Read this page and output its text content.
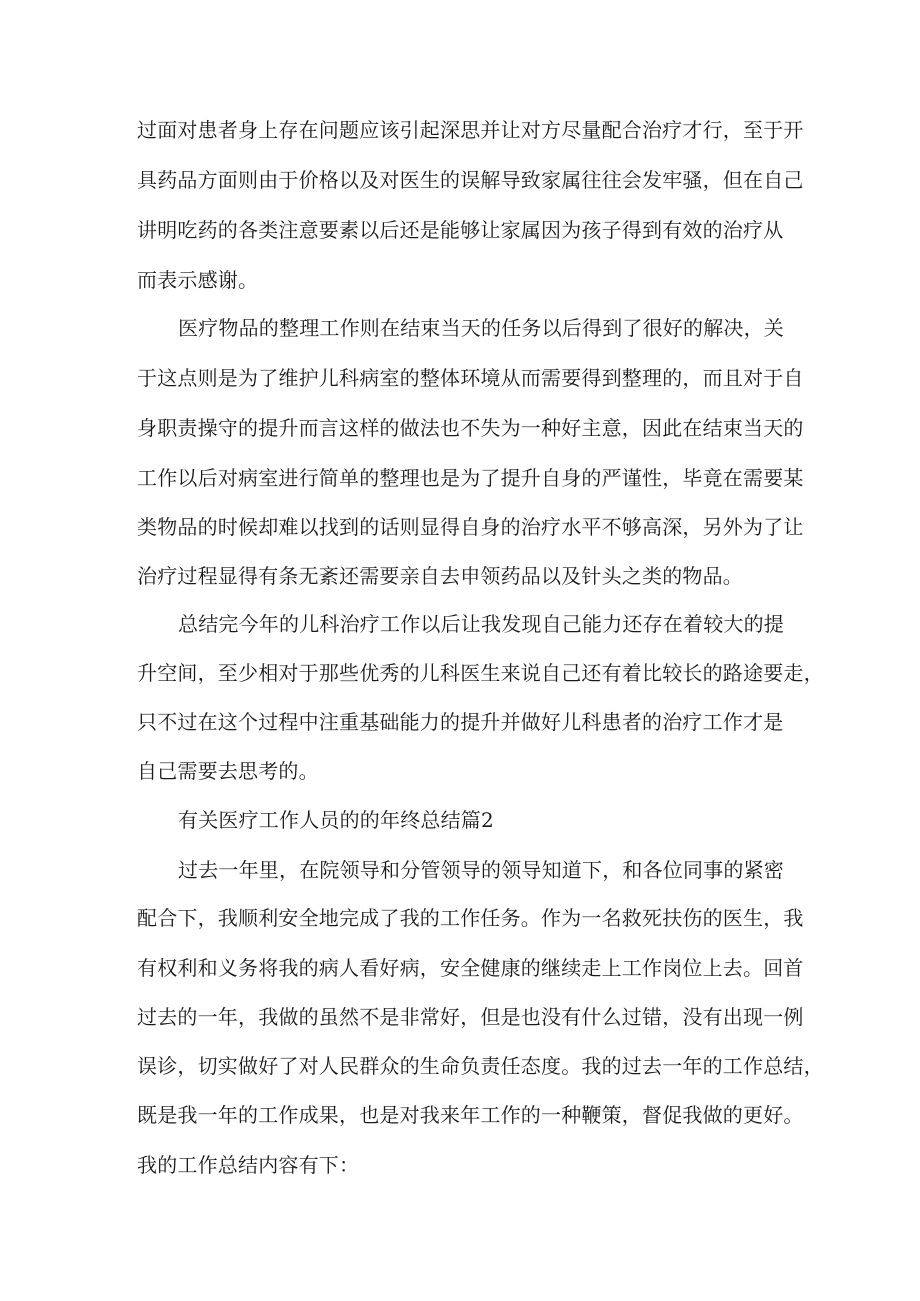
过面对患者身上存在问题应该引起深思并让对方尽量配合治疗才行，至于开
具药品方面则由于价格以及对医生的误解导致家属往往会发牢骚，但在自己
讲明吃药的各类注意要素以后还是能够让家属因为孩子得到有效的治疗从
而表示感谢。
医疗物品的整理工作则在结束当天的任务以后得到了很好的解决，关
于这点则是为了维护儿科病室的整体环境从而需要得到整理的，而且对于自
身职责操守的提升而言这样的做法也不失为一种好主意，因此在结束当天的
工作以后对病室进行简单的整理也是为了提升自身的严谨性，毕竟在需要某
类物品的时候却难以找到的话则显得自身的治疗水平不够高深，另外为了让
治疗过程显得有条无紊还需要亲自去申领药品以及针头之类的物品。
总结完今年的儿科治疗工作以后让我发现自己能力还存在着较大的提
升空间，至少相对于那些优秀的儿科医生来说自己还有着比较长的路途要走，
只不过在这个过程中注重基础能力的提升并做好儿科患者的治疗工作才是
自己需要去思考的。
有关医疗工作人员的的年终总结篇2
过去一年里，在院领导和分管领导的领导知道下，和各位同事的紧密
配合下，我顺利安全地完成了我的工作任务。作为一名救死扶伤的医生，我
有权利和义务将我的病人看好病，安全健康的继续走上工作岗位上去。回首
过去的一年，我做的虽然不是非常好，但是也没有什么过错，没有出现一例
误诊，切实做好了对人民群众的生命负责任态度。我的过去一年的工作总结，
既是我一年的工作成果，也是对我来年工作的一种鞭策，督促我做的更好。
我的工作总结内容有下：
